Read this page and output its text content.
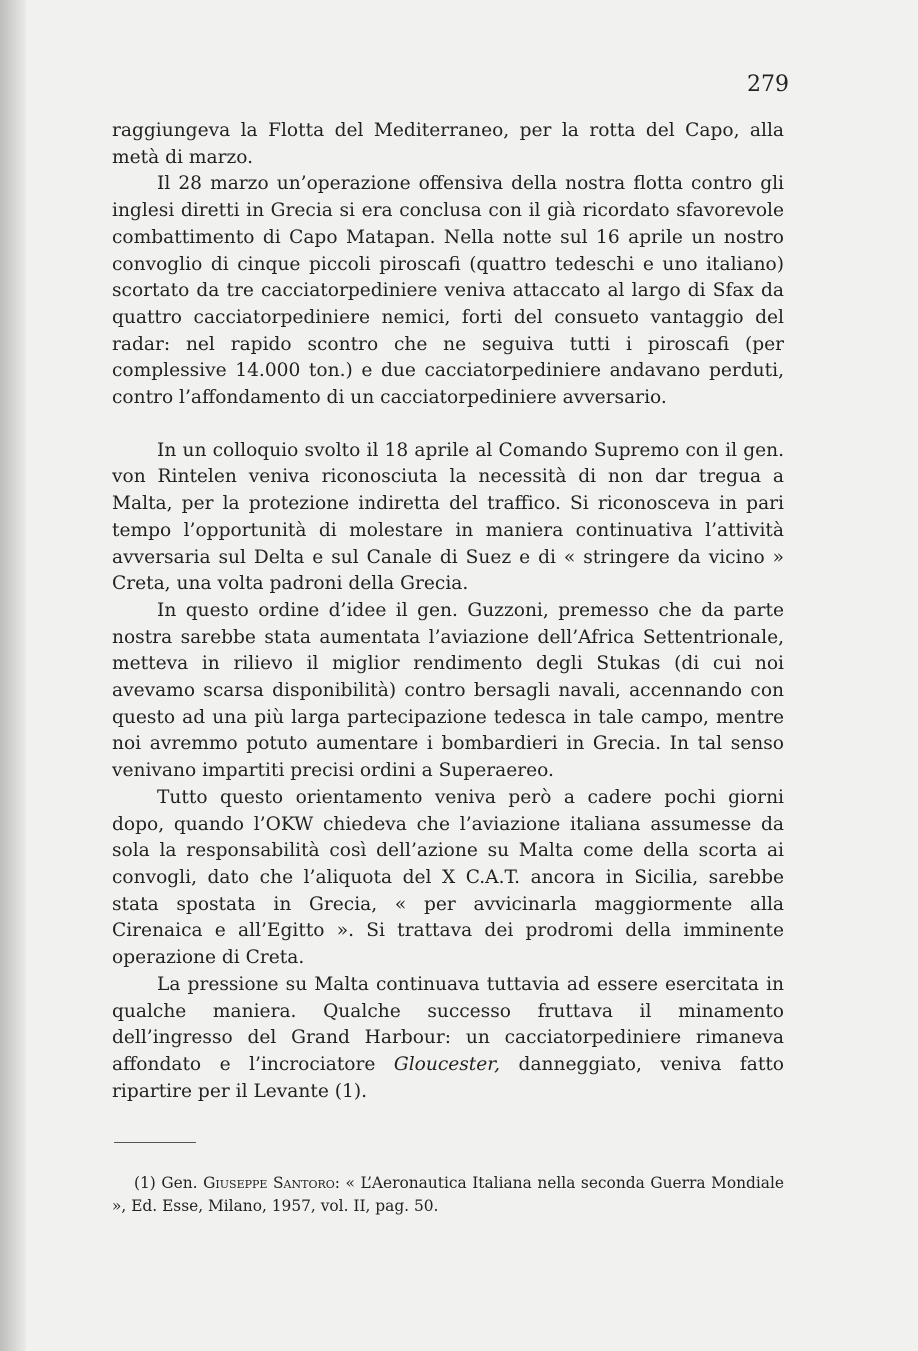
279

raggiungeva la Flotta del Mediterraneo, per la rotta del Capo, alla metà di marzo.

Il 28 marzo un’operazione offensiva della nostra flotta contro gli inglesi diretti in Grecia si era conclusa con il già ricordato sfavorevole combattimento di Capo Matapan. Nella notte sul 16 aprile un nostro convoglio di cinque piccoli piroscafi (quattro tedeschi e uno italiano) scortato da tre cacciatorpediniere veniva attaccato al largo di Sfax da quattro cacciatorpediniere nemici, forti del consueto vantaggio del radar: nel rapido scontro che ne seguiva tutti i piroscafi (per complessive 14.000 ton.) e due cacciatorpediniere andavano perduti, contro l’affondamento di un cacciatorpediniere avversario.

In un colloquio svolto il 18 aprile al Comando Supremo con il gen. von Rintelen veniva riconosciuta la necessità di non dar tregua a Malta, per la protezione indiretta del traffico. Si riconosceva in pari tempo l’opportunità di molestare in maniera continuativa l’attività avversaria sul Delta e sul Canale di Suez e di « stringere da vicino » Creta, una volta padroni della Grecia.

In questo ordine d’idee il gen. Guzzoni, premesso che da parte nostra sarebbe stata aumentata l’aviazione dell’Africa Settentrionale, metteva in rilievo il miglior rendimento degli Stukas (di cui noi avevamo scarsa disponibilità) contro bersagli navali, accennando con questo ad una più larga partecipazione tedesca in tale campo, mentre noi avremmo potuto aumentare i bombardieri in Grecia. In tal senso venivano impartiti precisi ordini a Superaereo.

Tutto questo orientamento veniva però a cadere pochi giorni dopo, quando l’OKW chiedeva che l’aviazione italiana assumesse da sola la responsabilità così dell’azione su Malta come della scorta ai convogli, dato che l’aliquota del X C.A.T. ancora in Sicilia, sarebbe stata spostata in Grecia, « per avvicinarla maggiormente alla Cirenaica e all’Egitto ». Si trattava dei prodromi della imminente operazione di Creta.

La pressione su Malta continuava tuttavia ad essere esercitata in qualche maniera. Qualche successo fruttava il minamento dell’ingresso del Grand Harbour: un cacciatorpediniere rimaneva affondato e l’incrociatore Gloucester, danneggiato, veniva fatto ripartire per il Levante (1).

(1) Gen. Giuseppe Santoro: « L’Aeronautica Italiana nella seconda Guerra Mondiale », Ed. Esse, Milano, 1957, vol. II, pag. 50.
